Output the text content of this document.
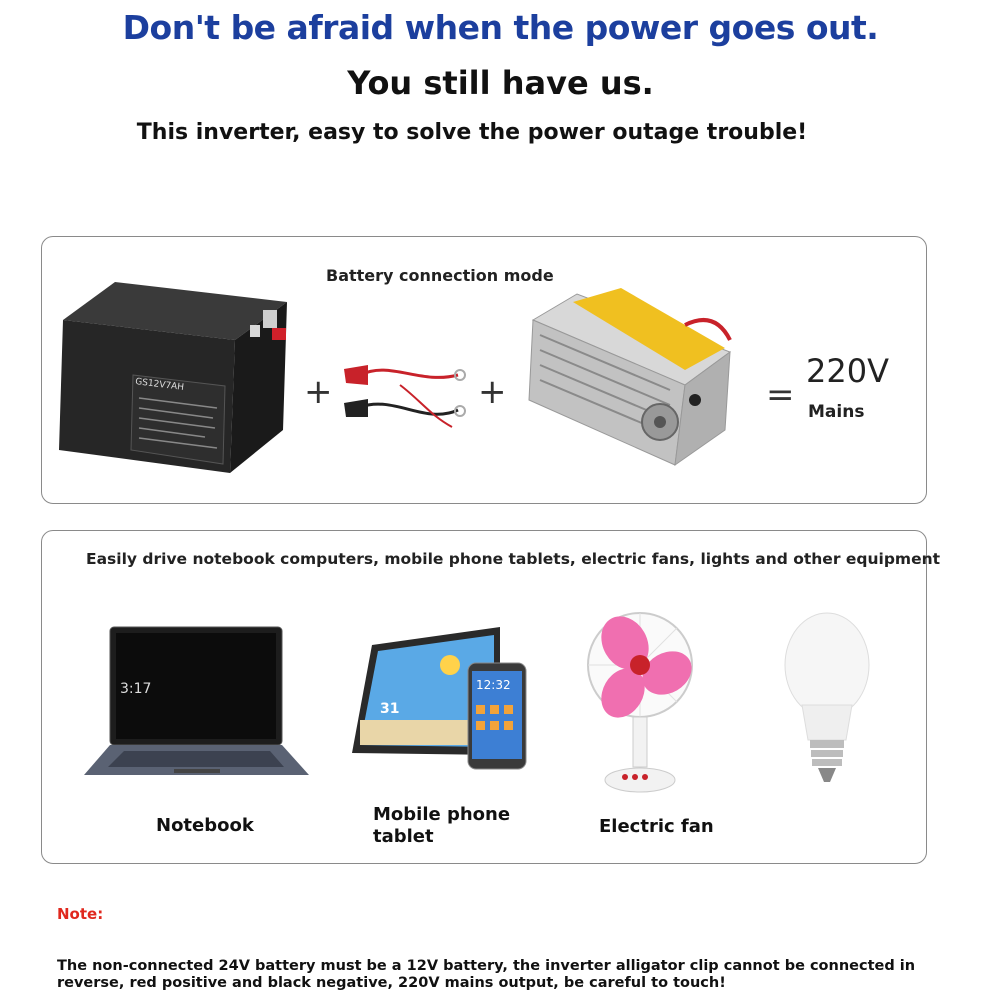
Don't be afraid when the power goes out.
You still have us.
This inverter, easy to solve the power outage trouble!
Battery connection mode
GS12V7AH	+	+	=
220V
Mains
Easily drive notebook computers, mobile phone tablets, electric fans, lights and other equipment
3:17
Notebook
31
12:32
Mobile phone
tablet	Electric fan
Note:
The non-connected 24V battery must be a 12V battery, the inverter alligator clip cannot be connected in reverse, red positive and black negative, 220V mains output, be careful to touch!
